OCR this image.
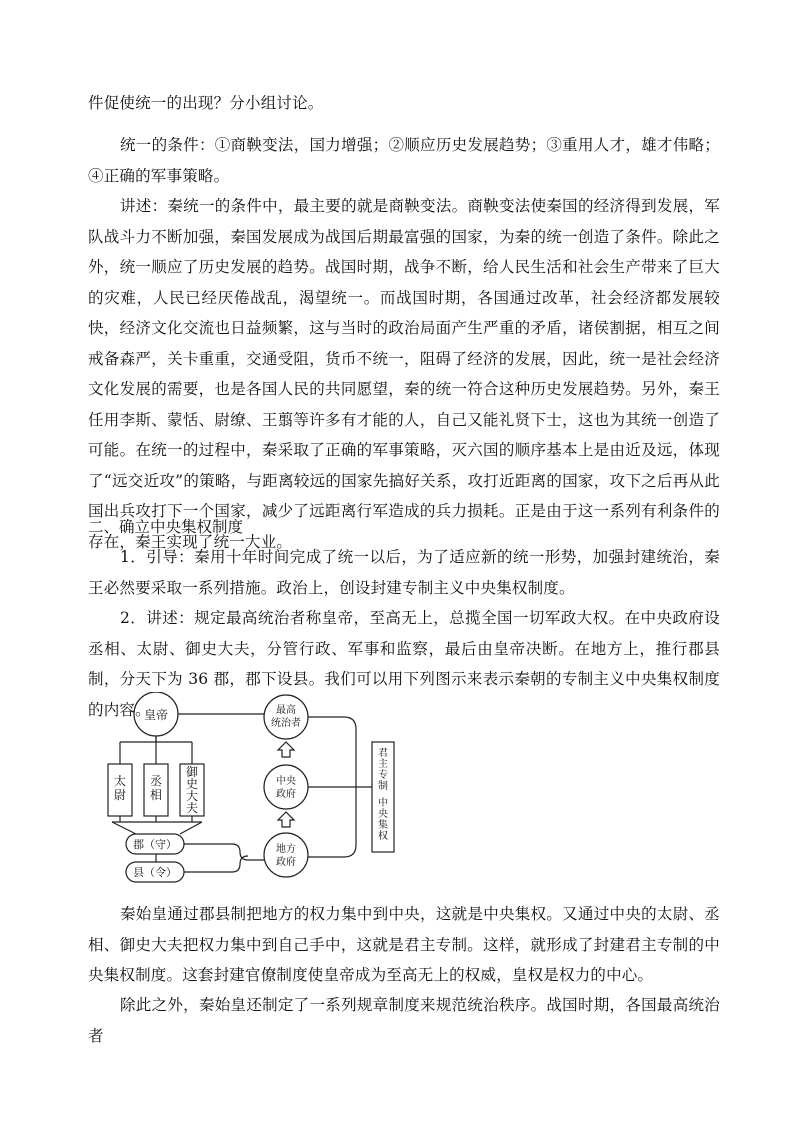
件促使统一的出现？分小组讨论。

统一的条件：①商鞅变法，国力增强；②顺应历史发展趋势；③重用人才，雄才伟略；④正确的军事策略。

讲述：秦统一的条件中，最主要的就是商鞅变法。商鞅变法使秦国的经济得到发展，军队战斗力不断加强，秦国发展成为战国后期最富强的国家，为秦的统一创造了条件。除此之外，统一顺应了历史发展的趋势。战国时期，战争不断，给人民生活和社会生产带来了巨大的灾难，人民已经厌倦战乱，渴望统一。而战国时期，各国通过改革，社会经济都发展较快，经济文化交流也日益频繁，这与当时的政治局面产生严重的矛盾，诸侯割据，相互之间戒备森严，关卡重重，交通受阻，货币不统一，阻碍了经济的发展，因此，统一是社会经济文化发展的需要，也是各国人民的共同愿望，秦的统一符合这种历史发展趋势。另外，秦王任用李斯、蒙恬、尉缭、王翦等许多有才能的人，自己又能礼贤下士，这也为其统一创造了可能。在统一的过程中，秦采取了正确的军事策略，灭六国的顺序基本上是由近及远，体现了“远交近攻”的策略，与距离较远的国家先搞好关系，攻打近距离的国家，攻下之后再从此国出兵攻打下一个国家，减少了远距离行军造成的兵力损耗。正是由于这一系列有利条件的存在，秦王实现了统一大业。

二、确立中央集权制度

1．引导：秦用十年时间完成了统一以后，为了适应新的统一形势，加强封建统治，秦王必然要采取一系列措施。政治上，创设封建专制主义中央集权制度。

2．讲述：规定最高统治者称皇帝，至高无上，总揽全国一切军政大权。在中央政府设丞相、太尉、御史大夫，分管行政、军事和监察，最后由皇帝决断。在地方上，推行郡县制，分天下为 36 郡，郡下设县。我们可以用下列图示来表示秦朝的专制主义中央集权制度的内容。

皇帝	最高
统治者
太尉
丞相
御史大夫
中央
政府
地方
政府
郡（守）
县（令）
君主专制
中央集权

秦始皇通过郡县制把地方的权力集中到中央，这就是中央集权。又通过中央的太尉、丞相、御史大夫把权力集中到自己手中，这就是君主专制。这样，就形成了封建君主专制的中央集权制度。这套封建官僚制度使皇帝成为至高无上的权威，皇权是权力的中心。

除此之外，秦始皇还制定了一系列规章制度来规范统治秩序。战国时期，各国最高统治者
